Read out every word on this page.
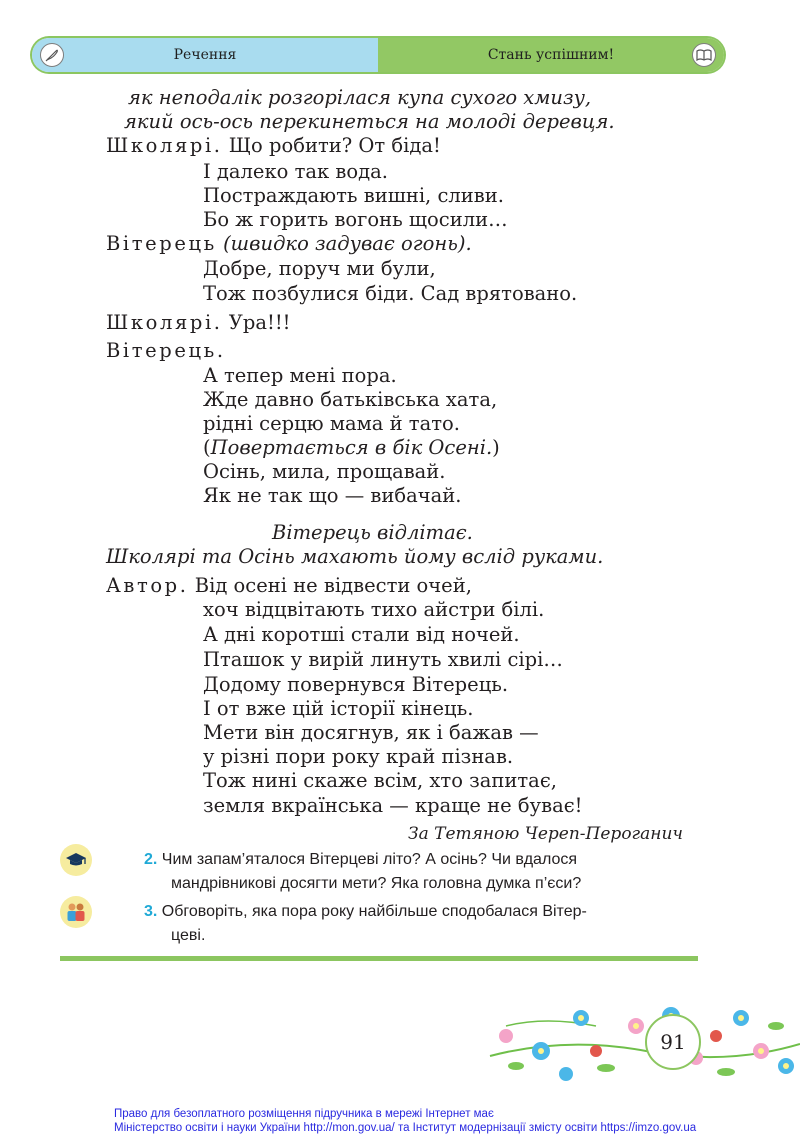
Речення	Стань успішним!
як неподалік розгорілася купа сухого хмизу,
який ось-ось перекинеться на молоді деревця.
Школярі. Що робити? От біда!
І далеко так вода.
Постраждають вишні, сливи.
Бо ж горить вогонь щосили…
Вітерець (швидко задуває огонь).
Добре, поруч ми були,
Тож позбулися біди. Сад врятовано.
Школярі. Ура!!!
Вітерець.
А тепер мені пора.
Жде давно батьківська хата,
рідні серцю мама й тато.
(Повертається в бік Осені.)
Осінь, мила, прощавай.
Як не так що — вибачай.
Вітерець відлітає.
Школярі та Осінь махають йому вслід руками.
Автор. Від осені не відвести очей,
хоч відцвітають тихо айстри білі.
А дні коротші стали від ночей.
Пташок у вирій линуть хвилі сірі…
Додому повернувся Вітерець.
І от вже цій історії кінець.
Мети він досягнув, як і бажав —
у різні пори року край пізнав.
Тож нині скаже всім, хто запитає,
земля вкраїнська — краще не буває!
За Тетяною Череп-Пероганич
2. Чим запам’яталося Вітерцеві літо? А осінь? Чи вдалося
мандрівникові досягти мети? Яка головна думка п’єси?
3. Обговоріть, яка пора року найбільше сподобалася Вітер-
цеві.
91
Право для безоплатного розміщення підручника в мережі Інтернет має
Міністерство освіти і науки України http://mon.gov.ua/ та Інститут модернізації змісту освіти https://imzo.gov.ua
